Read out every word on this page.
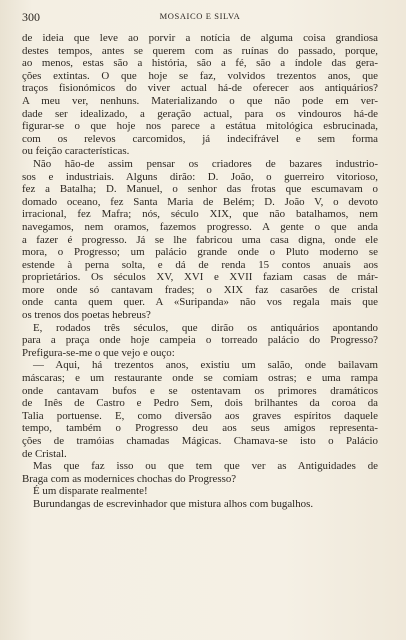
300	MOSAICO E SILVA

de ideia que leve ao porvir a notícia de alguma coisa grandiosa
destes tempos, antes se querem com as ruínas do passado, porque,
ao menos, estas são a história, são a fé, são a índole das gera-
ções extintas. O que hoje se faz, volvidos trezentos anos, que
traços fisionómicos do viver actual há-de oferecer aos antiquários?
A meu ver, nenhuns. Materializando o que não pode em ver-
dade ser idealizado, a geração actual, para os vindouros há-de
figurar-se o que hoje nos parece a estátua mitológica esbrucinada,
com os relevos carcomidos, já indecifrável e sem forma
ou feição características.

Não hão-de assim pensar os criadores de bazares industrio-
sos e industriais. Alguns dirão: D. João, o guerreiro vitorioso,
fez a Batalha; D. Manuel, o senhor das frotas que escumavam o
domado oceano, fez Santa Maria de Belém; D. João V, o devoto
irracional, fez Mafra; nós, século XIX, que não batalhamos, nem
navegamos, nem oramos, fazemos progresso. A gente o que anda
a fazer é progresso. Já se lhe fabricou uma casa digna, onde ele
mora, o Progresso; um palácio grande onde o Pluto moderno se
estende à perna solta, e dá de renda 15 contos anuais aos
proprietários. Os séculos XV, XVI e XVII faziam casas de már-
more onde só cantavam frades; o XIX faz casarões de cristal
onde canta quem quer. A «Suripanda» não vos regala mais que
os trenos dos poetas hebreus?

E, rodados três séculos, que dirão os antiquários apontando
para a praça onde hoje campeia o torreado palácio do Progresso?
Prefigura-se-me o que vejo e ouço:

— Aqui, há trezentos anos, existiu um salão, onde bailavam
máscaras; e um restaurante onde se comiam ostras; e uma rampa
onde cantavam bufos e se ostentavam os primores dramáticos
de Inês de Castro e Pedro Sem, dois brilhantes da coroa da
Talia portuense. E, como diversão aos graves espíritos daquele
tempo, também o Progresso deu aos seus amigos representa-
ções de tramóias chamadas Mágicas. Chamava-se isto o Palácio
de Cristal.

Mas que faz isso ou que tem que ver as Antiguidades de
Braga com as modernices chochas do Progresso?

É um disparate realmente!

Burundangas de escrevinhador que mistura alhos com bugalhos.
